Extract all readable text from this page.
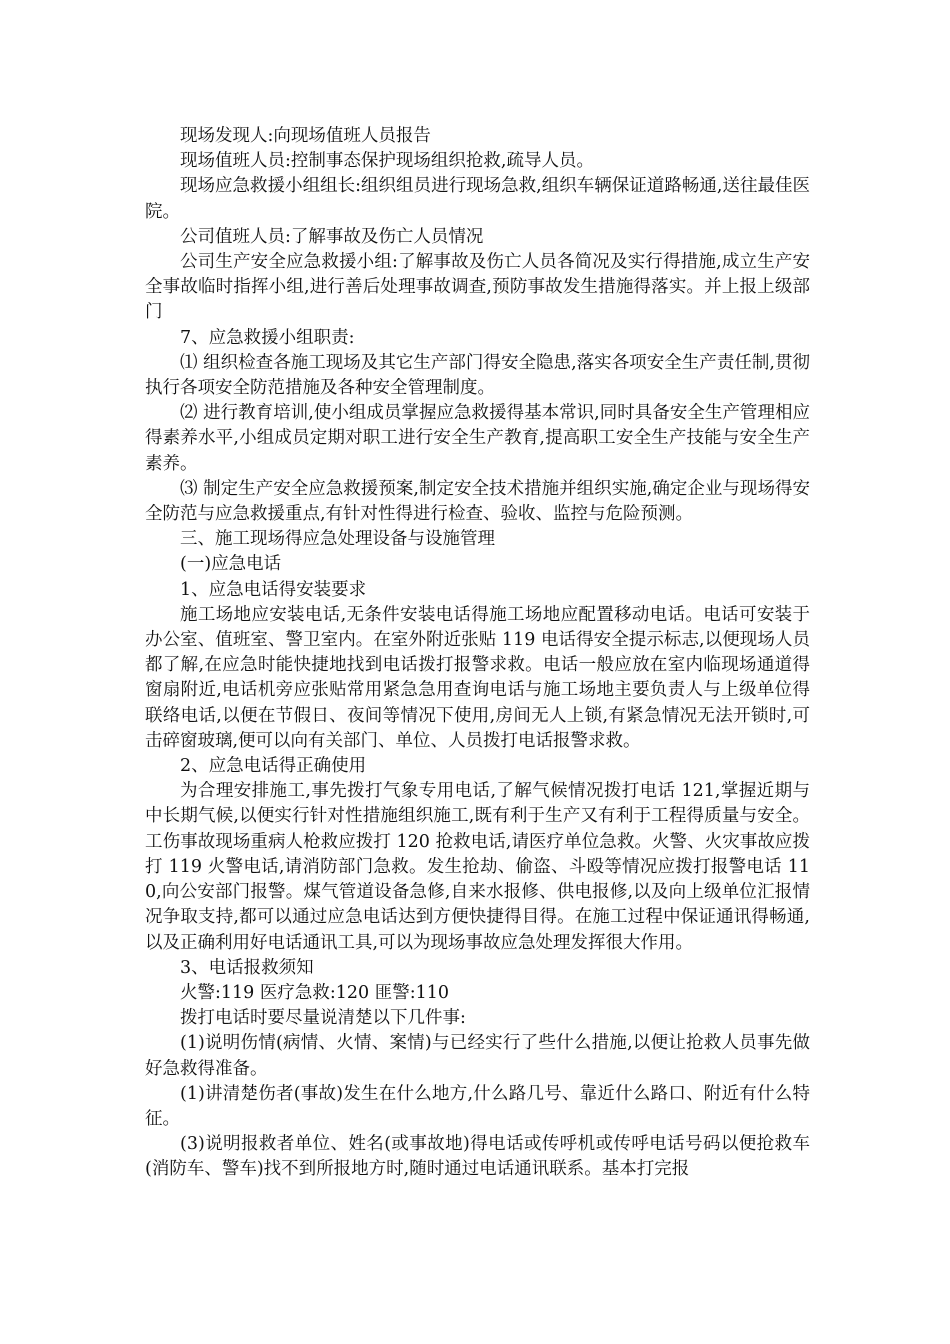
现场发现人:向现场值班人员报告

现场值班人员:控制事态保护现场组织抢救,疏导人员。

现场应急救援小组组长:组织组员进行现场急救,组织车辆保证道路畅通,送往最佳医院。

公司值班人员:了解事故及伤亡人员情况

公司生产安全应急救援小组:了解事故及伤亡人员各简况及实行得措施,成立生产安全事故临时指挥小组,进行善后处理事故调查,预防事故发生措施得落实。并上报上级部门

7、应急救援小组职责:

⑴ 组织检查各施工现场及其它生产部门得安全隐患,落实各项安全生产责任制,贯彻执行各项安全防范措施及各种安全管理制度。

⑵ 进行教育培训,使小组成员掌握应急救援得基本常识,同时具备安全生产管理相应得素养水平,小组成员定期对职工进行安全生产教育,提高职工安全生产技能与安全生产素养。

⑶ 制定生产安全应急救援预案,制定安全技术措施并组织实施,确定企业与现场得安全防范与应急救援重点,有针对性得进行检查、验收、监控与危险预测。

三、施工现场得应急处理设备与设施管理

(一)应急电话

1、应急电话得安装要求

施工场地应安装电话,无条件安装电话得施工场地应配置移动电话。电话可安装于办公室、值班室、警卫室内。在室外附近张贴 119 电话得安全提示标志,以便现场人员都了解,在应急时能快捷地找到电话拨打报警求救。电话一般应放在室内临现场通道得窗扇附近,电话机旁应张贴常用紧急急用查询电话与施工场地主要负责人与上级单位得联络电话,以便在节假日、夜间等情况下使用,房间无人上锁,有紧急情况无法开锁时,可击碎窗玻璃,便可以向有关部门、单位、人员拨打电话报警求救。

2、应急电话得正确使用

为合理安排施工,事先拨打气象专用电话,了解气候情况拨打电话 121,掌握近期与中长期气候,以便实行针对性措施组织施工,既有利于生产又有利于工程得质量与安全。工伤事故现场重病人枪救应拨打 120 抢救电话,请医疗单位急救。火警、火灾事故应拨打 119 火警电话,请消防部门急救。发生抢劫、偷盗、斗殴等情况应拨打报警电话 110,向公安部门报警。煤气管道设备急修,自来水报修、供电报修,以及向上级单位汇报情况争取支持,都可以通过应急电话达到方便快捷得目得。在施工过程中保证通讯得畅通,以及正确利用好电话通讯工具,可以为现场事故应急处理发挥很大作用。

3、电话报救须知

火警:119 医疗急救:120 匪警:110

拨打电话时要尽量说清楚以下几件事:

(1)说明伤情(病情、火情、案情)与已经实行了些什么措施,以便让抢救人员事先做好急救得准备。

(1)讲清楚伤者(事故)发生在什么地方,什么路几号、靠近什么路口、附近有什么特征。

(3)说明报救者单位、姓名(或事故地)得电话或传呼机或传呼电话号码以便抢救车(消防车、警车)找不到所报地方时,随时通过电话通讯联系。基本打完报
